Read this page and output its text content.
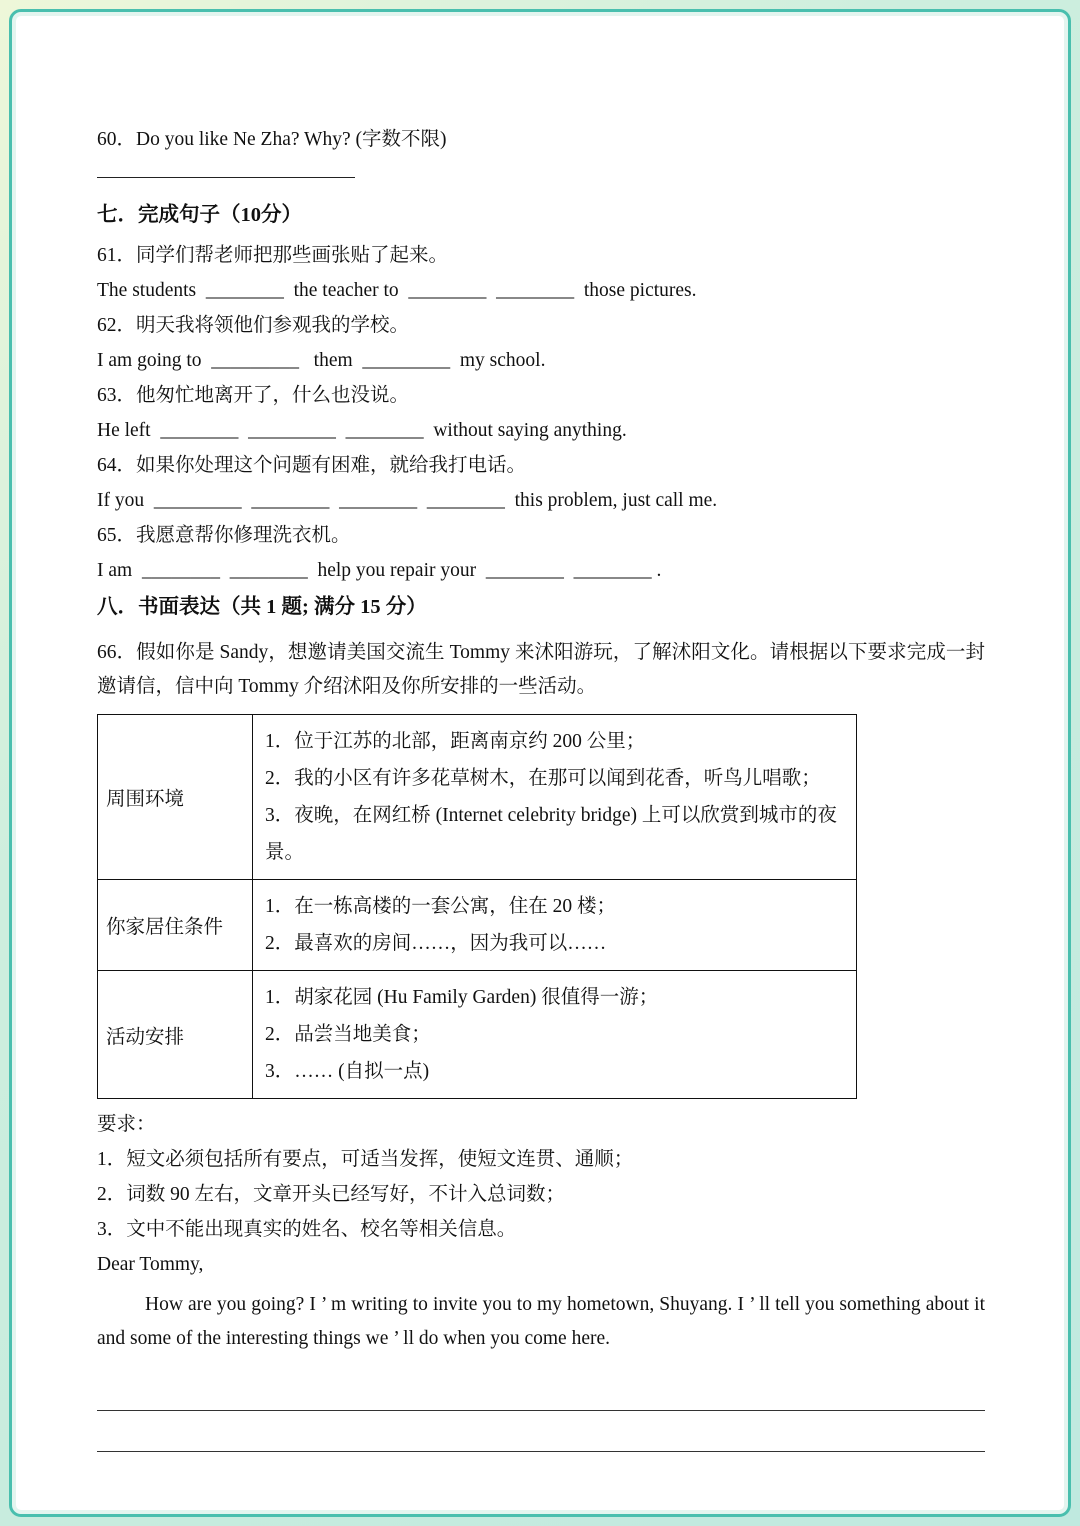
60．Do you like Ne Zha? Why? (字数不限)
七．完成句子（10分）
61．同学们帮老师把那些画张贴了起来。
The students  ________  the teacher to  ________  ________  those pictures.
62．明天我将领他们参观我的学校。
I am going to  _________   them  _________  my school.
63．他匆忙地离开了，什么也没说。
He left  ________  _________  ________  without saying anything.
64．如果你处理这个问题有困难，就给我打电话。
If you  _________  ________  ________  ________  this problem, just call me.
65．我愿意帮你修理洗衣机。
I am  ________  ________  help you repair your  ________  ________ .
八．书面表达（共 1 题; 满分 15 分）
66．假如你是 Sandy，想邀请美国交流生 Tommy 来沭阳游玩，了解沭阳文化。请根据以下要求完成一封邀请信，信中向 Tommy 介绍沭阳及你所安排的一些活动。
周围环境	1．位于江苏的北部，距离南京约 200 公里；
2．我的小区有许多花草树木，在那可以闻到花香，听鸟儿唱歌；
3．夜晚，在网红桥 (Internet celebrity bridge) 上可以欣赏到城市的夜景。

你家居住条件	1．在一栋高楼的一套公寓，住在 20 楼；
2．最喜欢的房间……，因为我可以……

活动安排	1．胡家花园 (Hu Family Garden) 很值得一游；
2．品尝当地美食；
3．…… (自拟一点)
要求：
1．短文必须包括所有要点，可适当发挥，使短文连贯、通顺；
2．词数 90 左右，文章开头已经写好，不计入总词数；
3．文中不能出现真实的姓名、校名等相关信息。
Dear Tommy,
How are you going? I ’ m writing to invite you to my hometown, Shuyang. I ’ ll tell you something about it and some of the interesting things we ’ ll do when you come here.
